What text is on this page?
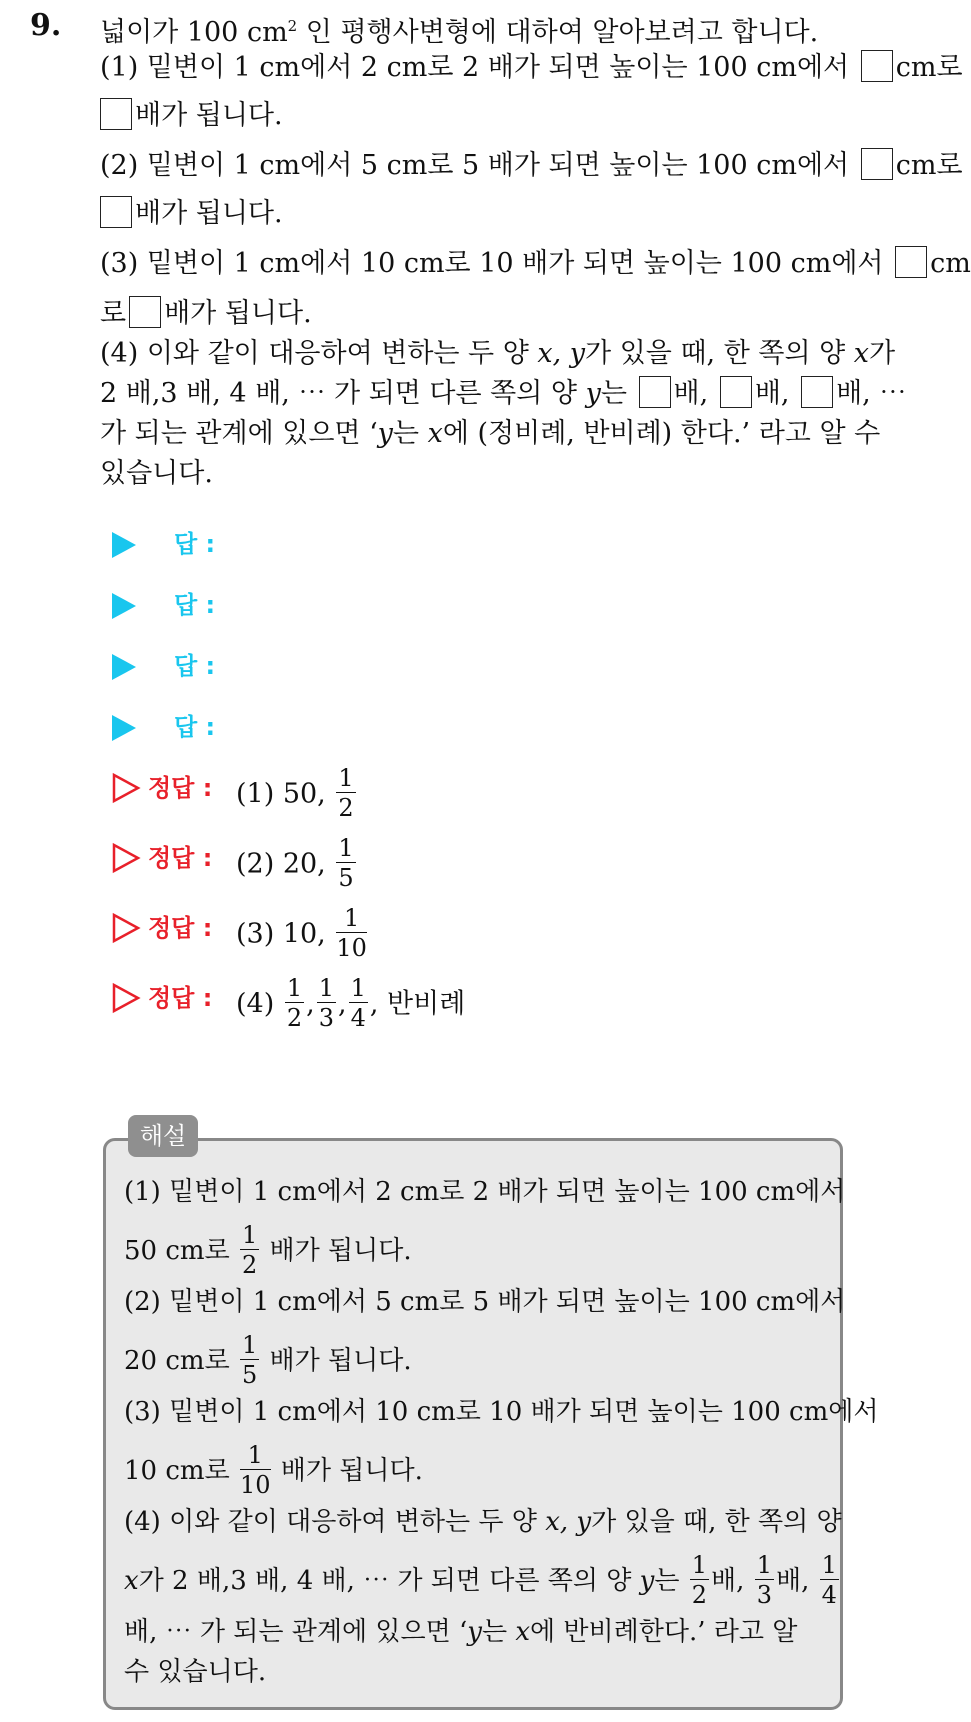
9. 넓이가 100 $cm^2$ 인 평행사변형에 대하여 알아보려고 합니다.
(1) 밑변이 1 cm에서 2 cm로 2 배가 되면 높이는 100 cm에서 cm로
배가 됩니다.
(2) 밑변이 1 cm에서 5 cm로 5 배가 되면 높이는 100 cm에서 cm로
배가 됩니다.
(3) 밑변이 1 cm에서 10 cm로 10 배가 되면 높이는 100 cm에서 cm
로 배가 됩니다.
(4) 이와 같이 대응하여 변하는 두 양 x, y가 있을 때, 한 쪽의 양 x가
2 배,3 배, 4 배, ⋯ 가 되면 다른 쪽의 양 y는 배, 배, 배, ⋯
가 되는 관계에 있으면 ‘y는 x에 (정비례, 반비례) 한다.’ 라고 알 수
있습니다.
답 :
답 :
답 :
답 :
정답 : (1) 50, $\frac{1}{2}$
정답 : (2) 20, $\frac{1}{5}$
정답 : (3) 10, $\frac{1}{10}$
정답 : $(4) \frac{1}{2}$ , $\frac{1}{3}$ , $\frac{1}{4}$ , 반비례
해설
(1) 밑변이 1 cm에서 2 cm로 2 배가 되면 높이는 100 cm에서
50 cm로 $\frac{1}{2}$ 배가 됩니다.
(2) 밑변이 1 cm에서 5 cm로 5 배가 되면 높이는 100 cm에서
20 cm로 $\frac{1}{5}$ 배가 됩니다.
(3) 밑변이 1 cm에서 10 cm로 10 배가 되면 높이는 100 cm에서
10 cm로 $\frac{1}{10}$ 배가 됩니다.
(4) 이와 같이 대응하여 변하는 두 양 x, y가 있을 때, 한 쪽의 양
x가 2 배,3 배, 4 배, ⋯ 가 되면 다른 쪽의 양 y는 $\frac{1}{2}$ 배, $\frac{1}{3}$ 배, $\frac{1}{4}$
배, ⋯ 가 되는 관계에 있으면 ‘y는 x에 반비례한다.’ 라고 알
수 있습니다.
